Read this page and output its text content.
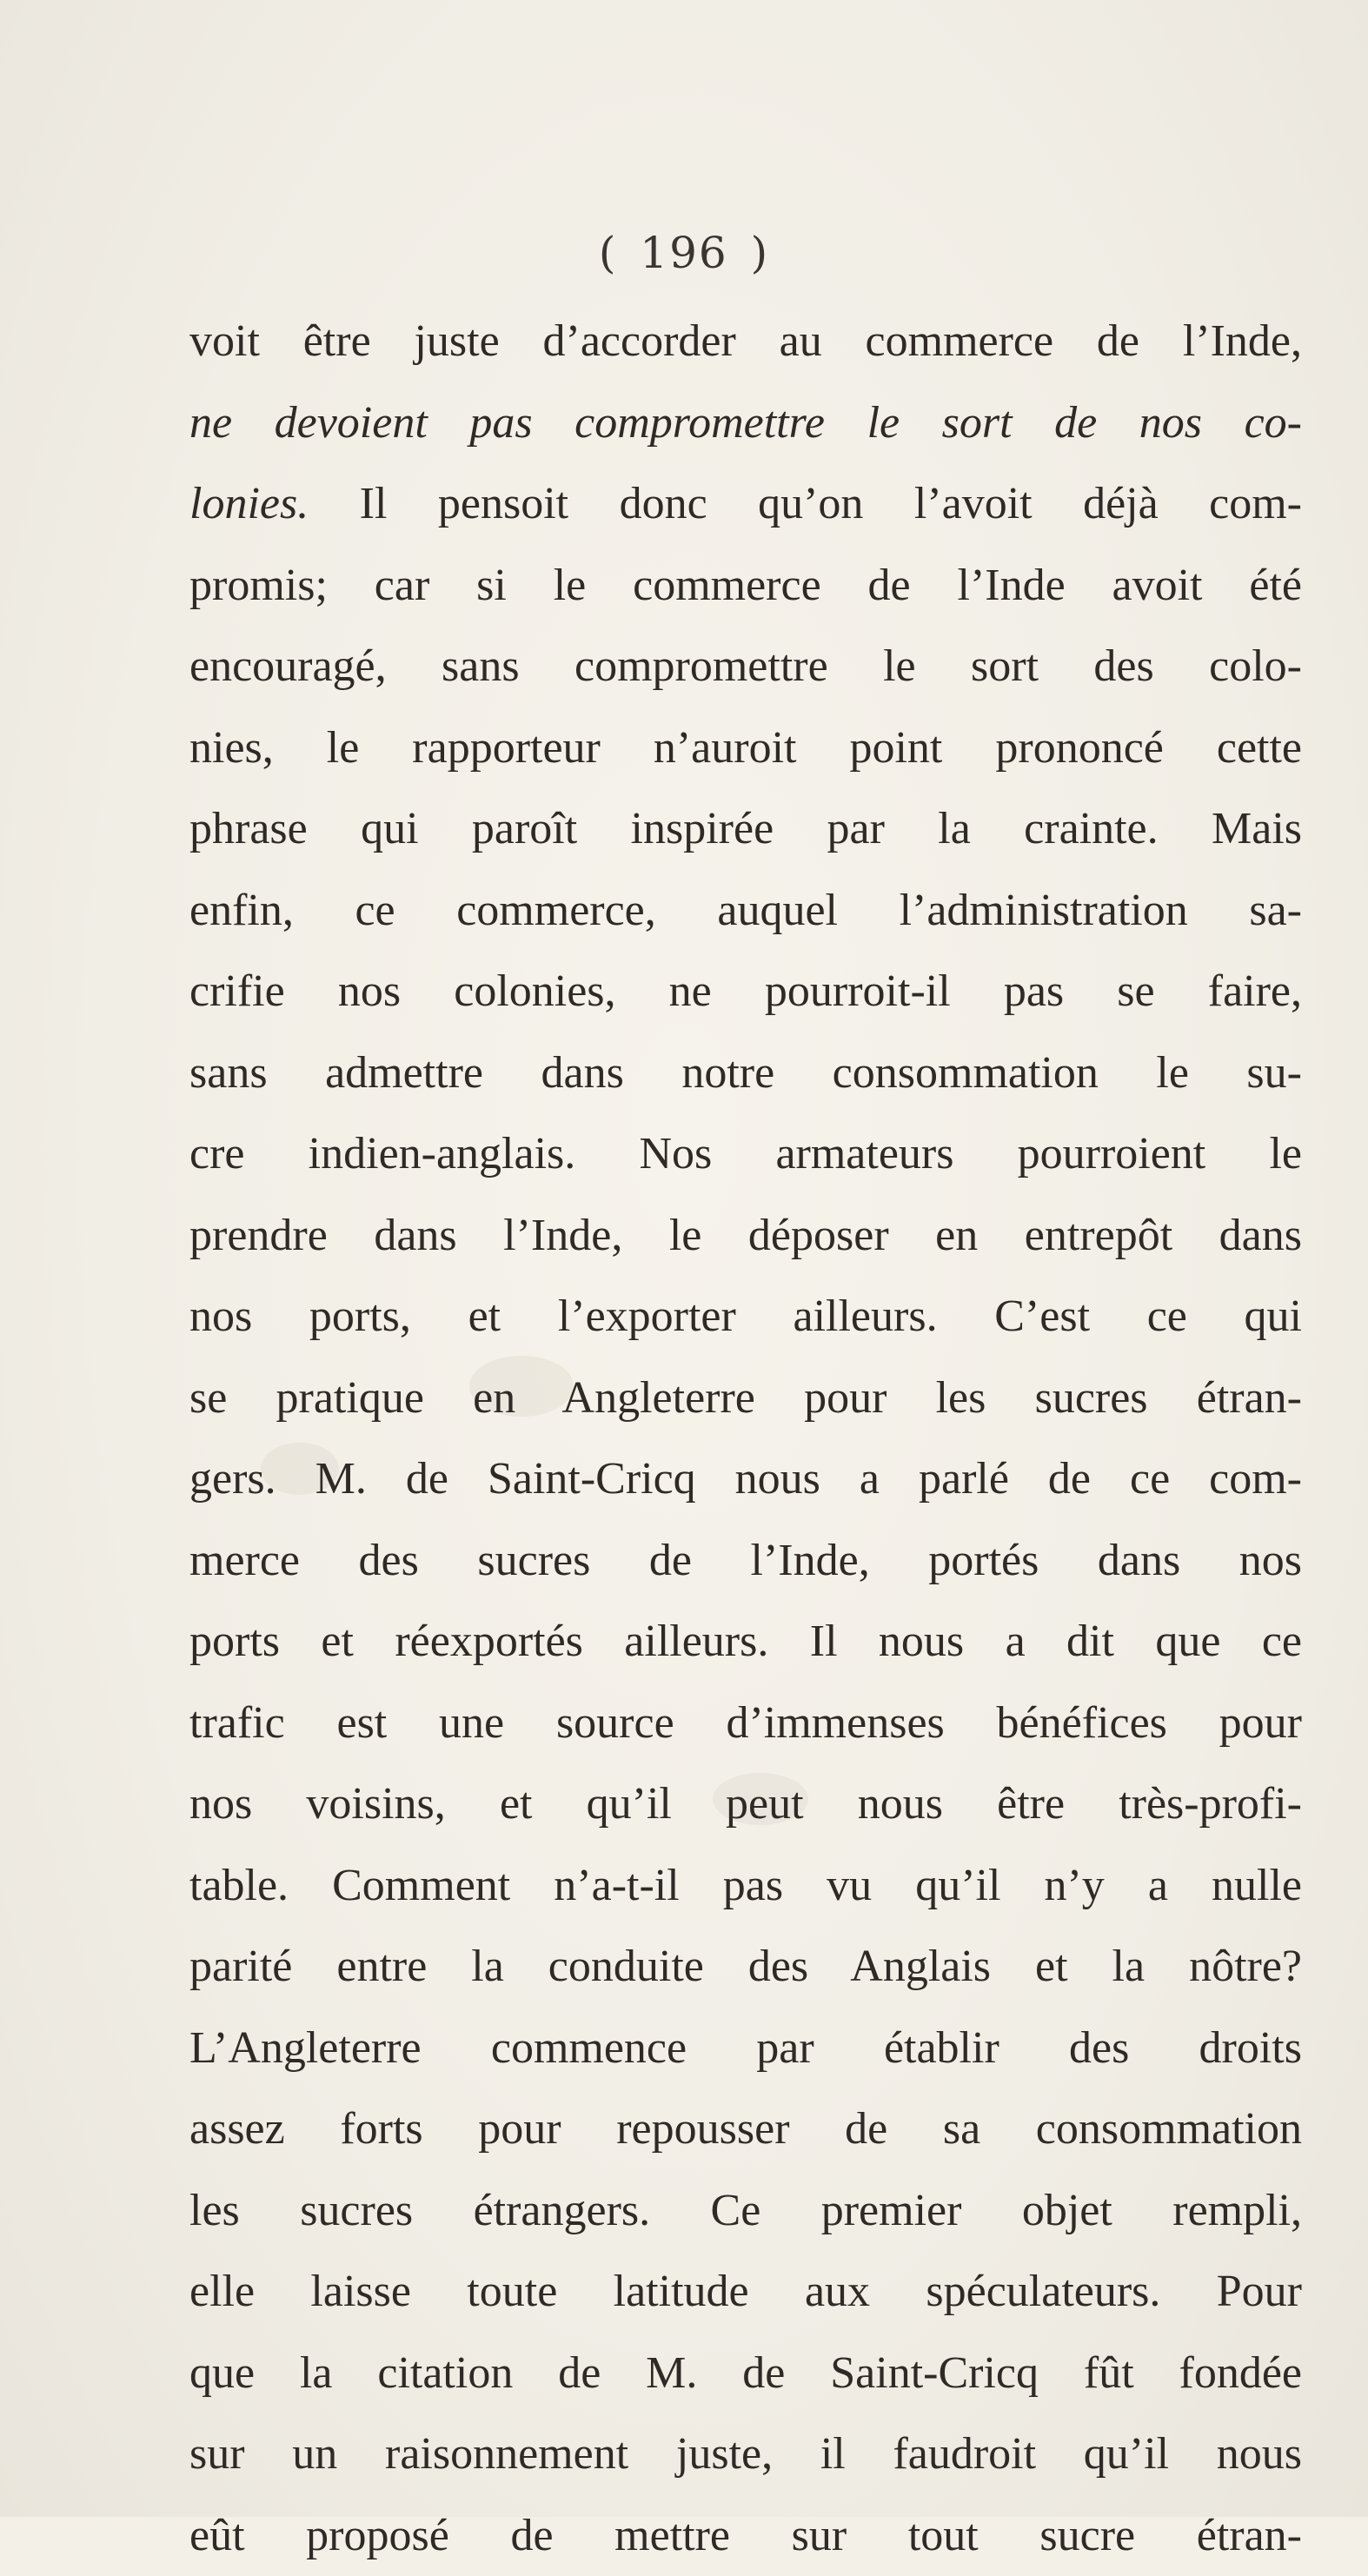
( 196 )
voit être juste d’accorder au commerce de l’Inde,
ne devoient pas compromettre le sort de nos co-
lonies. Il pensoit donc qu’on l’avoit déjà com-
promis; car si le commerce de l’Inde avoit été
encouragé, sans compromettre le sort des colo-
nies, le rapporteur n’auroit point prononcé cette
phrase qui paroît inspirée par la crainte. Mais
enfin, ce commerce, auquel l’administration sa-
crifie nos colonies, ne pourroit-il pas se faire,
sans admettre dans notre consommation le su-
cre indien-anglais. Nos armateurs pourroient le
prendre dans l’Inde, le déposer en entrepôt dans
nos ports, et l’exporter ailleurs. C’est ce qui
se pratique en Angleterre pour les sucres étran-
gers. M. de Saint-Cricq nous a parlé de ce com-
merce des sucres de l’Inde, portés dans nos
ports et réexportés ailleurs. Il nous a dit que ce
trafic est une source d’immenses bénéfices pour
nos voisins, et qu’il peut nous être très-profi-
table. Comment n’a-t-il pas vu qu’il n’y a nulle
parité entre la conduite des Anglais et la nôtre?
L’Angleterre commence par établir des droits
assez forts pour repousser de sa consommation
les sucres étrangers. Ce premier objet rempli,
elle laisse toute latitude aux spéculateurs. Pour
que la citation de M. de Saint-Cricq fût fondée
sur un raisonnement juste, il faudroit qu’il nous
eût proposé de mettre sur tout sucre étran-
